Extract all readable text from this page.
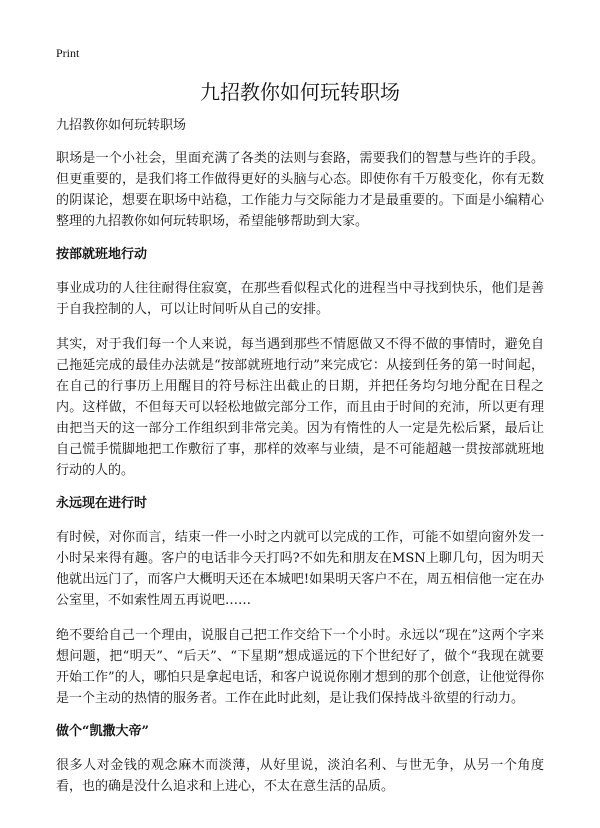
Print
九招教你如何玩转职场

九招教你如何玩转职场

职场是一个小社会，里面充满了各类的法则与套路，需要我们的智慧与些许的手段。但更重要的，是我们将工作做得更好的头脑与心态。即使你有千万般变化，你有无数的阴谋论，想要在职场中站稳，工作能力与交际能力才是最重要的。下面是小编精心整理的九招教你如何玩转职场，希望能够帮助到大家。

按部就班地行动

事业成功的人往往耐得住寂寞，在那些看似程式化的进程当中寻找到快乐，他们是善于自我控制的人，可以让时间听从自己的安排。

其实，对于我们每一个人来说，每当遇到那些不情愿做又不得不做的事情时，避免自己拖延完成的最佳办法就是“按部就班地行动”来完成它：从接到任务的第一时间起，在自己的行事历上用醒目的符号标注出截止的日期，并把任务均匀地分配在日程之内。这样做，不但每天可以轻松地做完部分工作，而且由于时间的充沛，所以更有理由把当天的这一部分工作组织到非常完美。因为有惰性的人一定是先松后紧，最后让自己慌手慌脚地把工作敷衍了事，那样的效率与业绩，是不可能超越一贯按部就班地行动的人的。

永远现在进行时

有时候，对你而言，结束一件一小时之内就可以完成的工作，可能不如望向窗外发一小时呆来得有趣。客户的电话非今天打吗?不如先和朋友在MSN上聊几句，因为明天他就出远门了，而客户大概明天还在本城吧!如果明天客户不在，周五相信他一定在办公室里，不如索性周五再说吧……

绝不要给自己一个理由，说服自己把工作交给下一个小时。永远以“现在”这两个字来想问题，把“明天”、“后天”、“下星期”想成遥远的下个世纪好了，做个“我现在就要开始工作”的人，哪怕只是拿起电话，和客户说说你刚才想到的那个创意，让他觉得你是一个主动的热情的服务者。工作在此时此刻，是让我们保持战斗欲望的行动力。

做个“凯撒大帝”

很多人对金钱的观念麻木而淡薄，从好里说，淡泊名利、与世无争，从另一个角度看，也的确是没什么追求和上进心，不太在意生活的品质。
